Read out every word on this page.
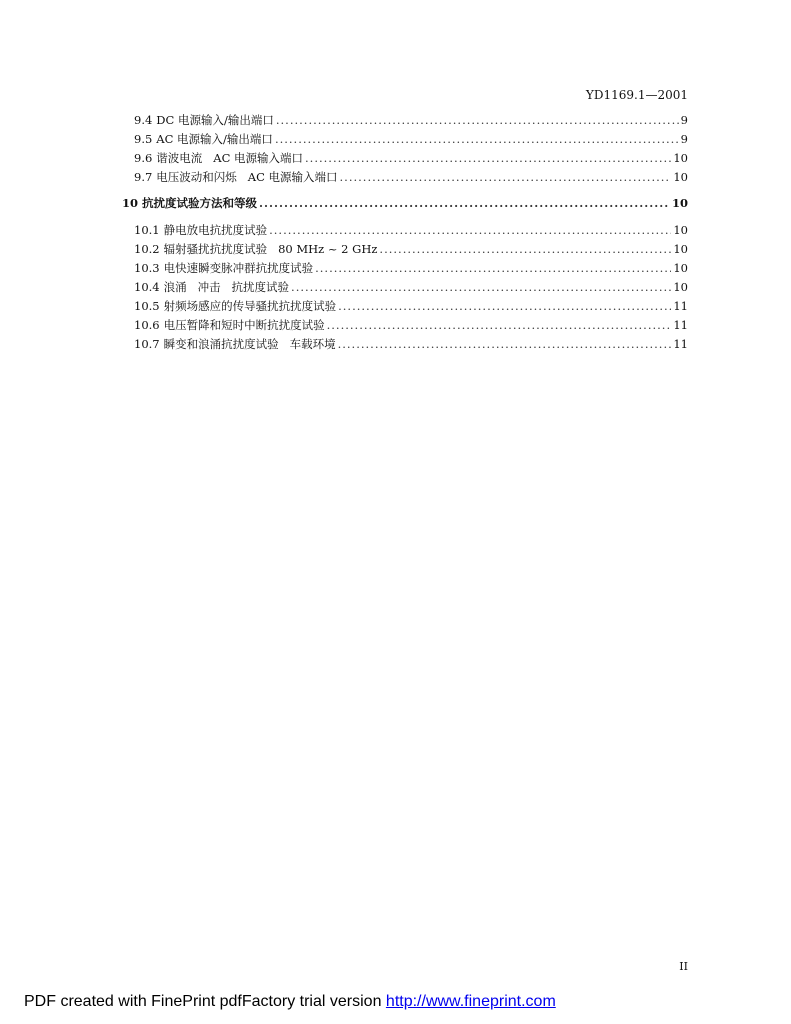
YD1169.1—2001
9.4 DC 电源输入/输出端口 .....	9
9.5 AC 电源输入/输出端口 .....	9
9.6 谐波电流   AC 电源输入端口 .....	10
9.7 电压波动和闪烁   AC 电源输入端口 .....	10
10 抗扰度试验方法和等级 .....	10
10.1 静电放电抗扰度试验 .....	10
10.2 辐射骚扰抗扰度试验   80 MHz ~ 2 GHz .....	10
10.3 电快速瞬变脉冲群抗扰度试验 .....	10
10.4 浪涌   冲击   抗扰度试验 .....	10
10.5 射频场感应的传导骚扰抗扰度试验 .....	11
10.6 电压暂降和短时中断抗扰度试验 .....	11
10.7 瞬变和浪涌抗扰度试验   车载环境 .....	11
II
PDF created with FinePrint pdfFactory trial version http://www.fineprint.com
